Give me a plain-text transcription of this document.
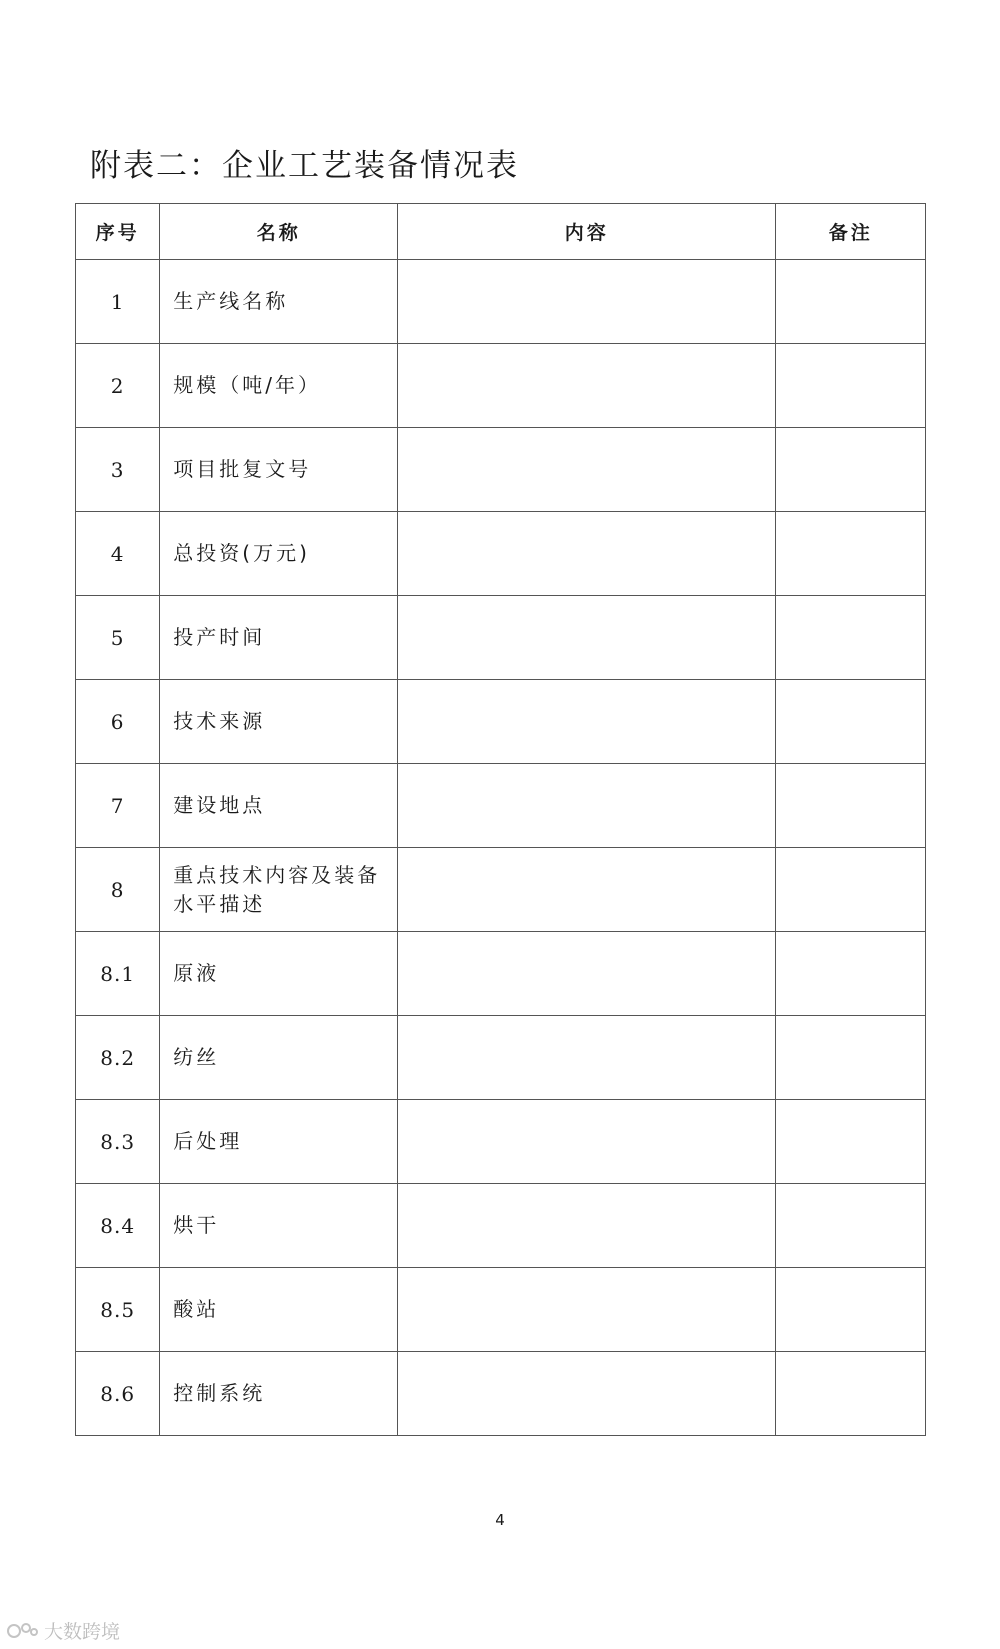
附表二：企业工艺装备情况表
序号	名称	内容	备注
1	生产线名称		
2	规模（吨/年）		
3	项目批复文号		
4	总投资(万元)		
5	投产时间		
6	技术来源		
7	建设地点		
8	重点技术内容及装备水平描述		
8.1	原液		
8.2	纺丝		
8.3	后处理		
8.4	烘干		
8.5	酸站		
8.6	控制系统		
4
大数跨境
